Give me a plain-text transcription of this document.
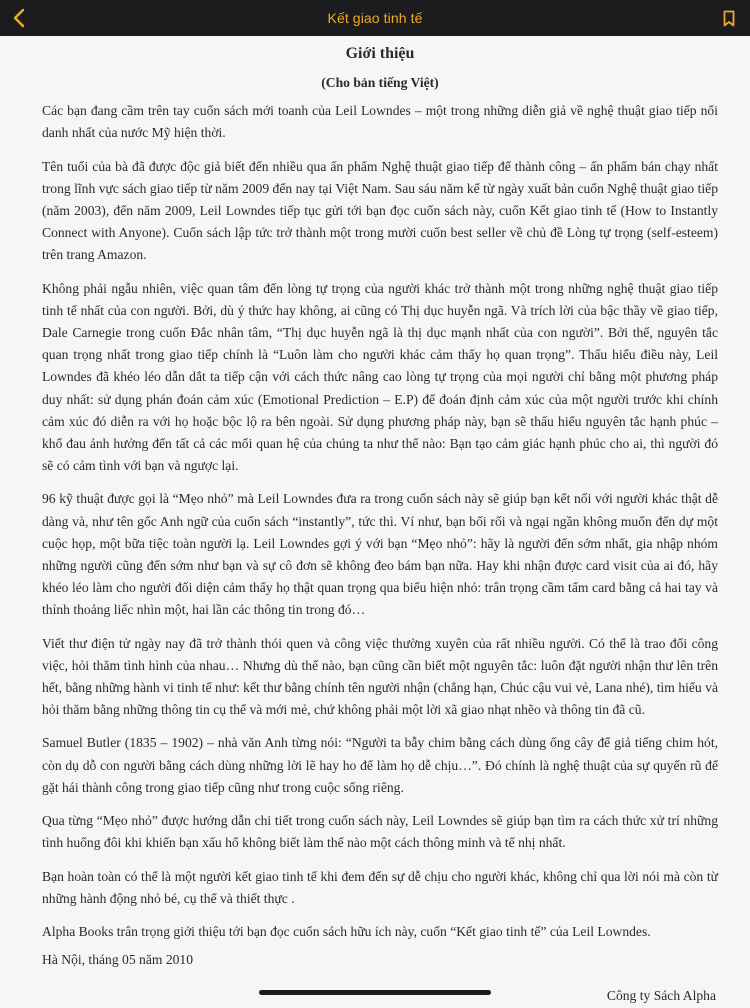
Kết giao tinh tế
Giới thiệu
(Cho bản tiếng Việt)

Các bạn đang cầm trên tay cuốn sách mới toanh của Leil Lowndes – một trong những diễn giả về nghệ thuật giao tiếp nổi danh nhất của nước Mỹ hiện thời.

Tên tuổi của bà đã được độc giả biết đến nhiều qua ấn phẩm Nghệ thuật giao tiếp để thành công – ấn phẩm bán chạy nhất trong lĩnh vực sách giao tiếp từ năm 2009 đến nay tại Việt Nam. Sau sáu năm kể từ ngày xuất bản cuốn Nghệ thuật giao tiếp (năm 2003), đến năm 2009, Leil Lowndes tiếp tục gửi tới bạn đọc cuốn sách này, cuốn Kết giao tinh tế (How to Instantly Connect with Anyone). Cuốn sách lập tức trở thành một trong mười cuốn best seller về chủ đề Lòng tự trọng (self-esteem) trên trang Amazon.

Không phải ngẫu nhiên, việc quan tâm đến lòng tự trọng của người khác trở thành một trong những nghệ thuật giao tiếp tinh tế nhất của con người. Bởi, dù ý thức hay không, ai cũng có Thị dục huyễn ngã. Và trích lời của bậc thầy về giao tiếp, Dale Carnegie trong cuốn Đắc nhân tâm, “Thị dục huyễn ngã là thị dục mạnh nhất của con người”. Bởi thế, nguyên tắc quan trọng nhất trong giao tiếp chính là “Luôn làm cho người khác cảm thấy họ quan trọng”. Thấu hiểu điều này, Leil Lowndes đã khéo léo dẫn dắt ta tiếp cận với cách thức nâng cao lòng tự trọng của mọi người chỉ bằng một phương pháp duy nhất: sử dụng phán đoán cảm xúc (Emotional Prediction – E.P) để đoán định cảm xúc của một người trước khi chính cảm xúc đó diễn ra với họ hoặc bộc lộ ra bên ngoài. Sử dụng phương pháp này, bạn sẽ thấu hiểu nguyên tắc hạnh phúc – khổ đau ảnh hưởng đến tất cả các mối quan hệ của chúng ta như thế nào: Bạn tạo cảm giác hạnh phúc cho ai, thì người đó sẽ có cảm tình với bạn và ngược lại.

96 kỹ thuật được gọi là “Mẹo nhỏ” mà Leil Lowndes đưa ra trong cuốn sách này sẽ giúp bạn kết nối với người khác thật dễ dàng và, như tên gốc Anh ngữ của cuốn sách “instantly”, tức thì. Ví như, bạn bối rối và ngại ngần không muốn đến dự một cuộc họp, một bữa tiệc toàn người lạ. Leil Lowndes gợi ý với bạn “Mẹo nhỏ”: hãy là người đến sớm nhất, gia nhập nhóm những người cũng đến sớm như bạn và sự cô đơn sẽ không đeo bám bạn nữa. Hay khi nhận được card visit của ai đó, hãy khéo léo làm cho người đối diện cảm thấy họ thật quan trọng qua biểu hiện nhỏ: trân trọng cầm tấm card bằng cả hai tay và thỉnh thoảng liếc nhìn một, hai lần các thông tin trong đó…

Viết thư điện tử ngày nay đã trở thành thói quen và công việc thường xuyên của rất nhiều người. Có thể là trao đổi công việc, hỏi thăm tình hình của nhau… Nhưng dù thế nào, bạn cũng cần biết một nguyên tắc: luôn đặt người nhận thư lên trên hết, bằng những hành vi tinh tế như: kết thư bằng chính tên người nhận (chẳng hạn, Chúc cậu vui vẻ, Lana nhé), tìm hiểu và hỏi thăm bằng những thông tin cụ thể và mới mẻ, chứ không phải một lời xã giao nhạt nhẽo và thông tin đã cũ.

Samuel Butler (1835 – 1902) – nhà văn Anh từng nói: “Người ta bẫy chim bằng cách dùng ống cây để giả tiếng chim hót, còn dụ dỗ con người bằng cách dùng những lời lẽ hay ho để làm họ dễ chịu…”. Đó chính là nghệ thuật của sự quyến rũ để gặt hái thành công trong giao tiếp cũng như trong cuộc sống riêng.

Qua từng “Mẹo nhỏ” được hướng dẫn chi tiết trong cuốn sách này, Leil Lowndes sẽ giúp bạn tìm ra cách thức xử trí những tình huống đôi khi khiến bạn xấu hổ không biết làm thế nào một cách thông minh và tế nhị nhất.

Bạn hoàn toàn có thể là một người kết giao tinh tế khi đem đến sự dễ chịu cho người khác, không chỉ qua lời nói mà còn từ những hành động nhỏ bé, cụ thể và thiết thực .

Alpha Books trân trọng giới thiệu tới bạn đọc cuốn sách hữu ích này, cuốn “Kết giao tinh tế” của Leil Lowndes.

Hà Nội, tháng 05 năm 2010

Công ty Sách Alpha
